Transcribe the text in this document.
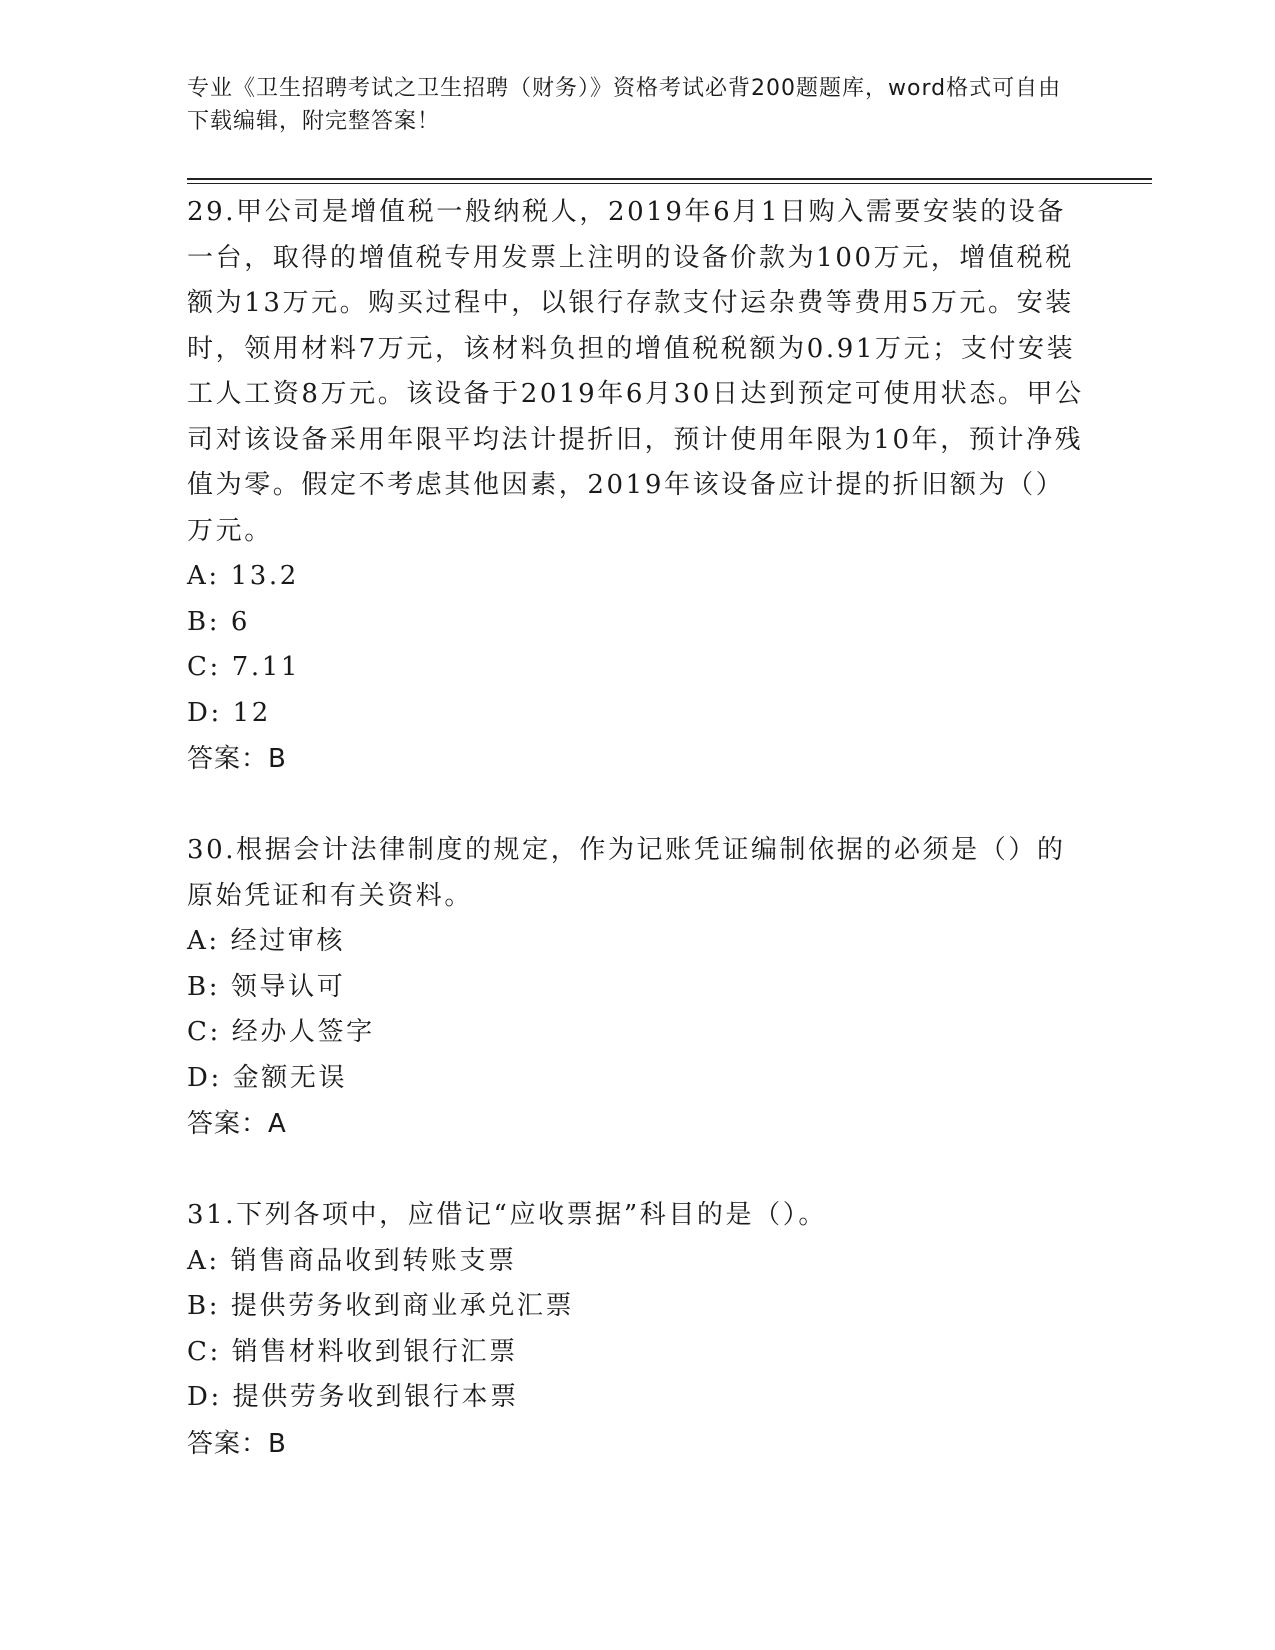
专业《卫生招聘考试之卫生招聘（财务）》资格考试必背200题题库，word格式可自由下载编辑，附完整答案！

29.甲公司是增值税一般纳税人，2019年6月1日购入需要安装的设备一台，取得的增值税专用发票上注明的设备价款为100万元，增值税税额为13万元。购买过程中，以银行存款支付运杂费等费用5万元。安装时，领用材料7万元，该材料负担的增值税税额为0.91万元；支付安装工人工资8万元。该设备于2019年6月30日达到预定可使用状态。甲公司对该设备采用年限平均法计提折旧，预计使用年限为10年，预计净残值为零。假定不考虑其他因素，2019年该设备应计提的折旧额为（）万元。

A: 13.2

B: 6

C: 7.11

D: 12

答案：B

30.根据会计法律制度的规定，作为记账凭证编制依据的必须是（）的原始凭证和有关资料。

A: 经过审核

B: 领导认可

C: 经办人签字

D: 金额无误

答案：A

31.下列各项中，应借记“应收票据”科目的是（）。

A: 销售商品收到转账支票

B: 提供劳务收到商业承兑汇票

C: 销售材料收到银行汇票

D: 提供劳务收到银行本票

答案：B
